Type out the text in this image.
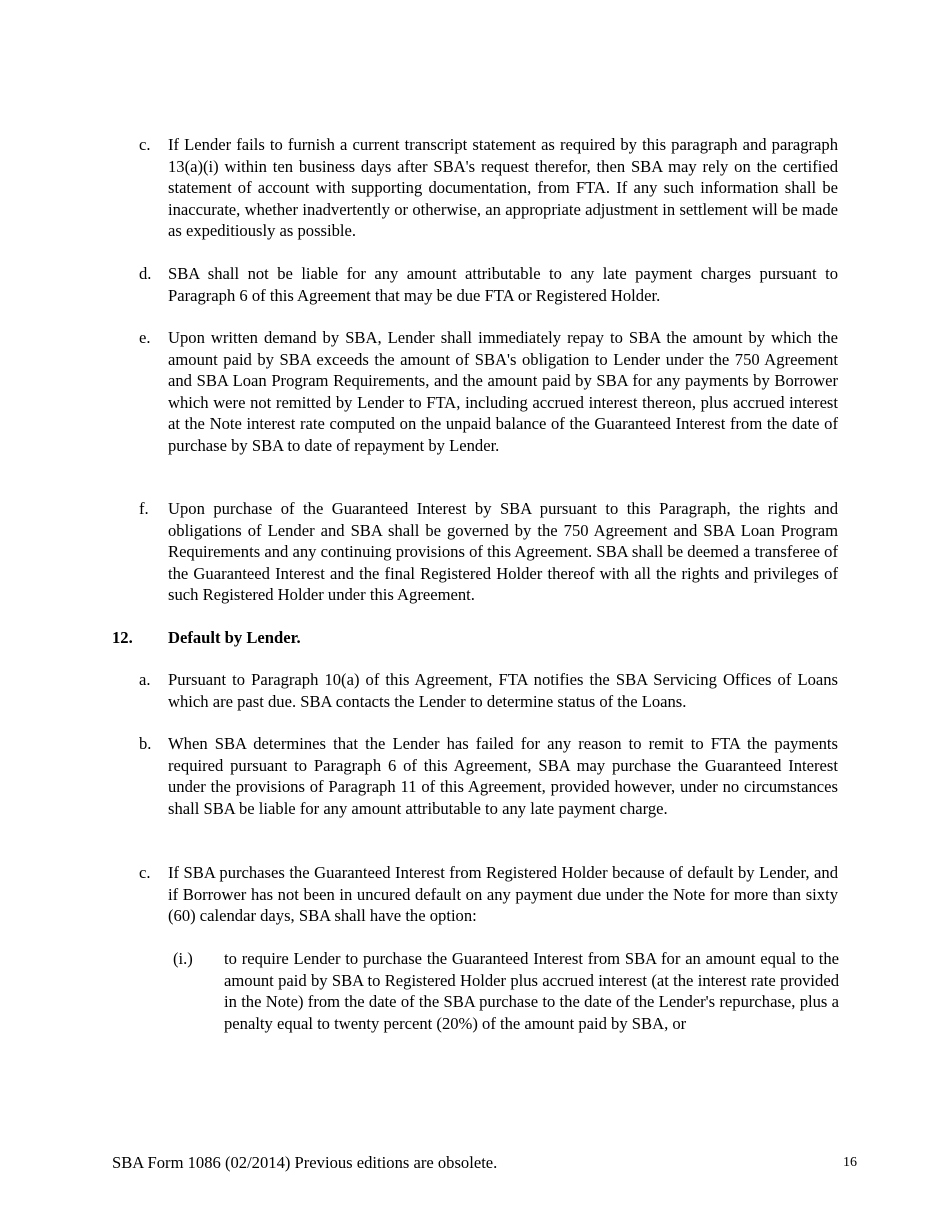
c. If Lender fails to furnish a current transcript statement as required by this paragraph and paragraph 13(a)(i) within ten business days after SBA's request therefor, then SBA may rely on the certified statement of account with supporting documentation, from FTA. If any such information shall be inaccurate, whether inadvertently or otherwise, an appropriate adjustment in settlement will be made as expeditiously as possible.
d. SBA shall not be liable for any amount attributable to any late payment charges pursuant to Paragraph 6 of this Agreement that may be due FTA or Registered Holder.
e. Upon written demand by SBA, Lender shall immediately repay to SBA the amount by which the amount paid by SBA exceeds the amount of SBA's obligation to Lender under the 750 Agreement and SBA Loan Program Requirements, and the amount paid by SBA for any payments by Borrower which were not remitted by Lender to FTA, including accrued interest thereon, plus accrued interest at the Note interest rate computed on the unpaid balance of the Guaranteed Interest from the date of purchase by SBA to date of repayment by Lender.
f. Upon purchase of the Guaranteed Interest by SBA pursuant to this Paragraph, the rights and obligations of Lender and SBA shall be governed by the 750 Agreement and SBA Loan Program Requirements and any continuing provisions of this Agreement. SBA shall be deemed a transferee of the Guaranteed Interest and the final Registered Holder thereof with all the rights and privileges of such Registered Holder under this Agreement.
12. Default by Lender.
a. Pursuant to Paragraph 10(a) of this Agreement, FTA notifies the SBA Servicing Offices of Loans which are past due. SBA contacts the Lender to determine status of the Loans.
b. When SBA determines that the Lender has failed for any reason to remit to FTA the payments required pursuant to Paragraph 6 of this Agreement, SBA may purchase the Guaranteed Interest under the provisions of Paragraph 11 of this Agreement, provided however, under no circumstances shall SBA be liable for any amount attributable to any late payment charge.
c. If SBA purchases the Guaranteed Interest from Registered Holder because of default by Lender, and if Borrower has not been in uncured default on any payment due under the Note for more than sixty (60) calendar days, SBA shall have the option:
(i.) to require Lender to purchase the Guaranteed Interest from SBA for an amount equal to the amount paid by SBA to Registered Holder plus accrued interest (at the interest rate provided in the Note) from the date of the SBA purchase to the date of the Lender's repurchase, plus a penalty equal to twenty percent (20%) of the amount paid by SBA, or
SBA Form 1086 (02/2014) Previous editions are obsolete.	16
